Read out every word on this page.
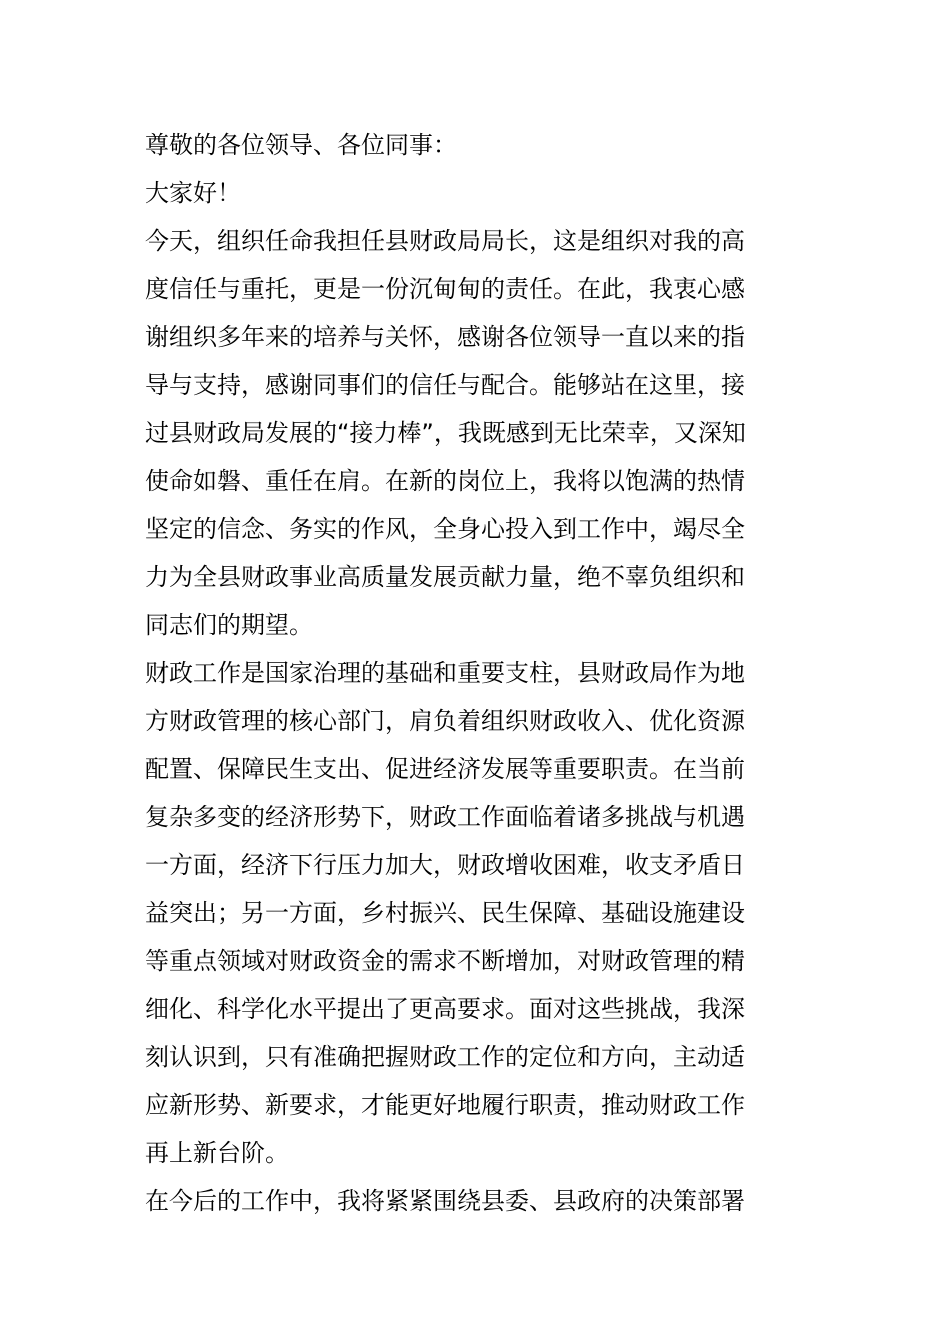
尊敬的各位领导、各位同事：
大家好！
今天，组织任命我担任县财政局局长，这是组织对我的高
度信任与重托，更是一份沉甸甸的责任。在此，我衷心感
谢组织多年来的培养与关怀，感谢各位领导一直以来的指
导与支持，感谢同事们的信任与配合。能够站在这里，接
过县财政局发展的“接力棒”，我既感到无比荣幸，又深知
使命如磐、重任在肩。在新的岗位上，我将以饱满的热情
坚定的信念、务实的作风，全身心投入到工作中，竭尽全
力为全县财政事业高质量发展贡献力量，绝不辜负组织和
同志们的期望。
财政工作是国家治理的基础和重要支柱，县财政局作为地
方财政管理的核心部门，肩负着组织财政收入、优化资源
配置、保障民生支出、促进经济发展等重要职责。在当前
复杂多变的经济形势下，财政工作面临着诸多挑战与机遇
一方面，经济下行压力加大，财政增收困难，收支矛盾日
益突出；另一方面，乡村振兴、民生保障、基础设施建设
等重点领域对财政资金的需求不断增加，对财政管理的精
细化、科学化水平提出了更高要求。面对这些挑战，我深
刻认识到，只有准确把握财政工作的定位和方向，主动适
应新形势、新要求，才能更好地履行职责，推动财政工作
再上新台阶。
在今后的工作中，我将紧紧围绕县委、县政府的决策部署
